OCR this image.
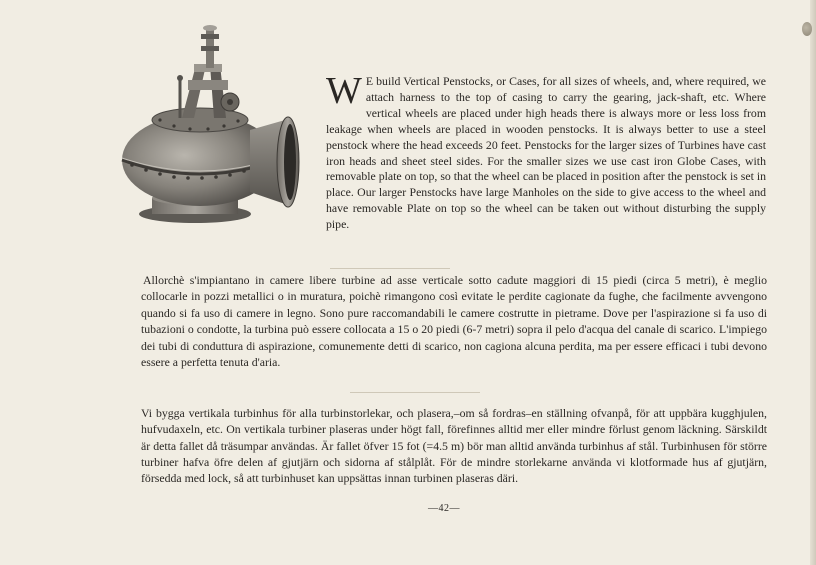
W E build Vertical Penstocks, or Cases, for all sizes of wheels, and, where required, we attach harness to the top of casing to carry the gearing, jack-shaft, etc. Where vertical wheels are placed under high heads there is always more or less loss from leakage when wheels are placed in wooden penstocks. It is always better to use a steel penstock where the head exceeds 20 feet. Penstocks for the larger sizes of Turbines have cast iron heads and sheet steel sides. For the smaller sizes we use cast iron Globe Cases, with removable plate on top, so that the wheel can be placed in position after the penstock is set in place. Our larger Penstocks have large Manholes on the side to give access to the wheel and have removable Plate on top so the wheel can be taken out without disturbing the supply pipe.

Allorchè s'impiantano in camere libere turbine ad asse verticale sotto cadute maggiori di 15 piedi (circa 5 metri), è meglio collocarle in pozzi metallici o in muratura, poichè rimangono così evitate le perdite cagionate da fughe, che facilmente avvengono quando si fa uso di camere in legno. Sono pure raccomandabili le camere costrutte in pietrame. Dove per l'aspirazione si fa uso di tubazioni o condotte, la turbina può essere collocata a 15 o 20 piedi (6-7 metri) sopra il pelo d'acqua del canale di scarico. L'impiego dei tubi di conduttura di aspirazione, comunemente detti di scarico, non cagiona alcuna perdita, ma per essere efficaci i tubi devono essere a perfetta tenuta d'aria.

Vi bygga vertikala turbinhus för alla turbinstorlekar, och plasera,–om så fordras–en ställning ofvanpå, för att uppbära kugghjulen, hufvudaxeln, etc. On vertikala turbiner plaseras under högt fall, förefinnes alltid mer eller mindre förlust genom läckning. Särskildt är detta fallet då träsumpar användas. Är fallet öfver 15 fot (=4.5 m) bör man alltid använda turbinhus af stål. Turbinhusen för större turbiner hafva öfre delen af gjutjärn och sidorna af stålplåt. För de mindre storlekarne använda vi klotformade hus af gjutjärn, försedda med lock, så att turbinhuset kan uppsättas innan turbinen plaseras däri.

—42—
